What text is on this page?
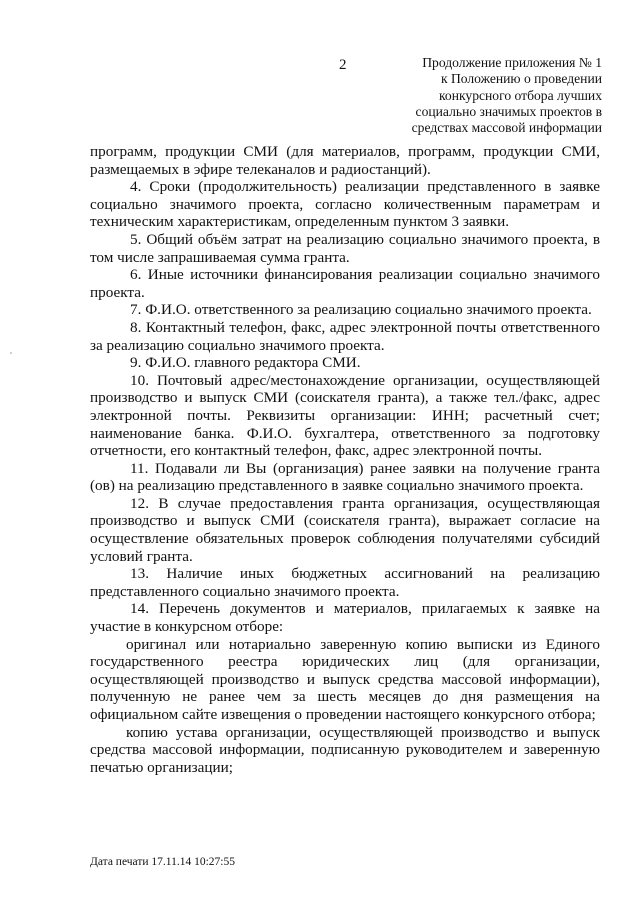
2	Продолжение приложения № 1
к Положению о проведении
конкурсного отбора лучших
социально значимых проектов в
средствах массовой информации

программ, продукции СМИ (для материалов, программ, продукции СМИ, размещаемых в эфире телеканалов и радиостанций).

4. Сроки (продолжительность) реализации представленного в заявке социально значимого проекта, согласно количественным параметрам и техническим характеристикам, определенным пунктом 3 заявки.

5. Общий объём затрат на реализацию социально значимого проекта, в том числе запрашиваемая сумма гранта.

6. Иные источники финансирования реализации социально значимого проекта.

7. Ф.И.О. ответственного за реализацию социально значимого проекта.

8. Контактный телефон, факс, адрес электронной почты ответственного за реализацию социально значимого проекта.

9. Ф.И.О. главного редактора СМИ.

10. Почтовый адрес/местонахождение организации, осуществляющей производство и выпуск СМИ (соискателя гранта), а также тел./факс, адрес электронной почты. Реквизиты организации: ИНН; расчетный счет; наименование банка. Ф.И.О. бухгалтера, ответственного за подготовку отчетности, его контактный телефон, факс, адрес электронной почты.

11. Подавали ли Вы (организация) ранее заявки на получение гранта (ов) на реализацию представленного в заявке социально значимого проекта.

12. В случае предоставления гранта организация, осуществляющая производство и выпуск СМИ (соискателя гранта), выражает согласие на осуществление обязательных проверок соблюдения получателями субсидий условий гранта.

13. Наличие иных бюджетных ассигнований на реализацию представленного социально значимого проекта.

14. Перечень документов и материалов, прилагаемых к заявке на участие в конкурсном отборе:

оригинал или нотариально заверенную копию выписки из Единого государственного реестра юридических лиц (для организации, осуществляющей производство и выпуск средства массовой информации), полученную не ранее чем за шесть месяцев до дня размещения на официальном сайте извещения о проведении настоящего конкурсного отбора;

копию устава организации, осуществляющей производство и выпуск средства массовой информации, подписанную руководителем и заверенную печатью организации;

Дата печати 17.11.14 10:27:55
